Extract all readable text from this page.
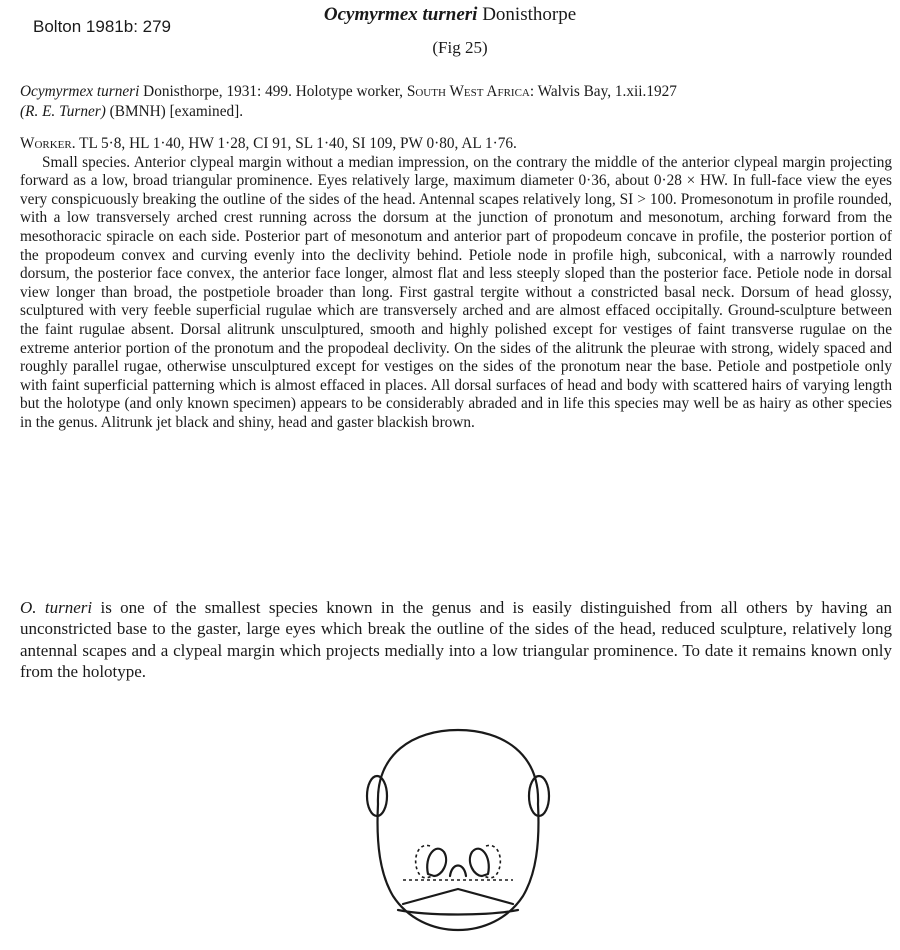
Bolton 1981b: 279
Ocymyrmex turneri Donisthorpe
(Fig 25)
Ocymyrmex turneri Donisthorpe, 1931: 499. Holotype worker, South West Africa: Walvis Bay, 1.xii.1927
(R. E. Turner) (BMNH) [examined].

Worker. TL 5·8, HL 1·40, HW 1·28, CI 91, SL 1·40, SI 109, PW 0·80, AL 1·76.

Small species. Anterior clypeal margin without a median impression, on the contrary the middle of the anterior clypeal margin projecting forward as a low, broad triangular prominence. Eyes relatively large, maximum diameter 0·36, about 0·28 × HW. In full-face view the eyes very conspicuously breaking the outline of the sides of the head. Antennal scapes relatively long, SI > 100. Promesonotum in profile rounded, with a low transversely arched crest running across the dorsum at the junction of pronotum and mesonotum, arching forward from the mesothoracic spiracle on each side. Posterior part of mesonotum and anterior part of propodeum concave in profile, the posterior portion of the propodeum convex and curving evenly into the declivity behind. Petiole node in profile high, subconical, with a narrowly rounded dorsum, the posterior face convex, the anterior face longer, almost flat and less steeply sloped than the posterior face. Petiole node in dorsal view longer than broad, the postpetiole broader than long. First gastral tergite without a constricted basal neck. Dorsum of head glossy, sculptured with very feeble superficial rugulae which are transversely arched and are almost effaced occipitally. Ground-sculpture between the faint rugulae absent. Dorsal alitrunk unsculptured, smooth and highly polished except for vestiges of faint transverse rugulae on the extreme anterior portion of the pronotum and the propodeal declivity. On the sides of the alitrunk the pleurae with strong, widely spaced and roughly parallel rugae, otherwise unsculptured except for vestiges on the sides of the pronotum near the base. Petiole and postpetiole only with faint superficial patterning which is almost effaced in places. All dorsal surfaces of head and body with scattered hairs of varying length but the holotype (and only known specimen) appears to be considerably abraded and in life this species may well be as hairy as other species in the genus. Alitrunk jet black and shiny, head and gaster blackish brown.

O. turneri is one of the smallest species known in the genus and is easily distinguished from all others by having an unconstricted base to the gaster, large eyes which break the outline of the sides of the head, reduced sculpture, relatively long antennal scapes and a clypeal margin which projects medially into a low triangular prominence. To date it remains known only from the holotype.
